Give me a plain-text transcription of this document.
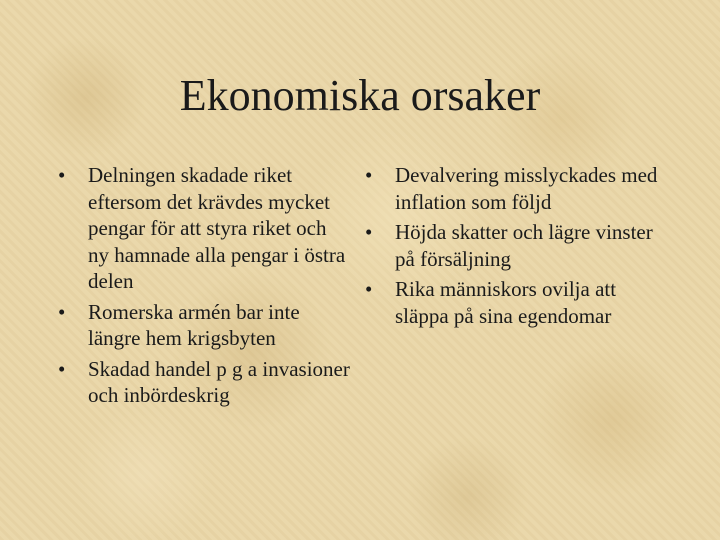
Ekonomiska orsaker
•	Delningen skadade riket eftersom det krävdes mycket pengar för att styra riket och ny hamnade alla pengar i östra delen
•	Romerska armén bar inte längre hem krigsbyten
•	Skadad handel p g a invasioner och inbördeskrig
•	Devalvering misslyckades med inflation som följd
•	Höjda skatter och lägre vinster på försäljning
•	Rika människors ovilja att släppa på sina egendomar
